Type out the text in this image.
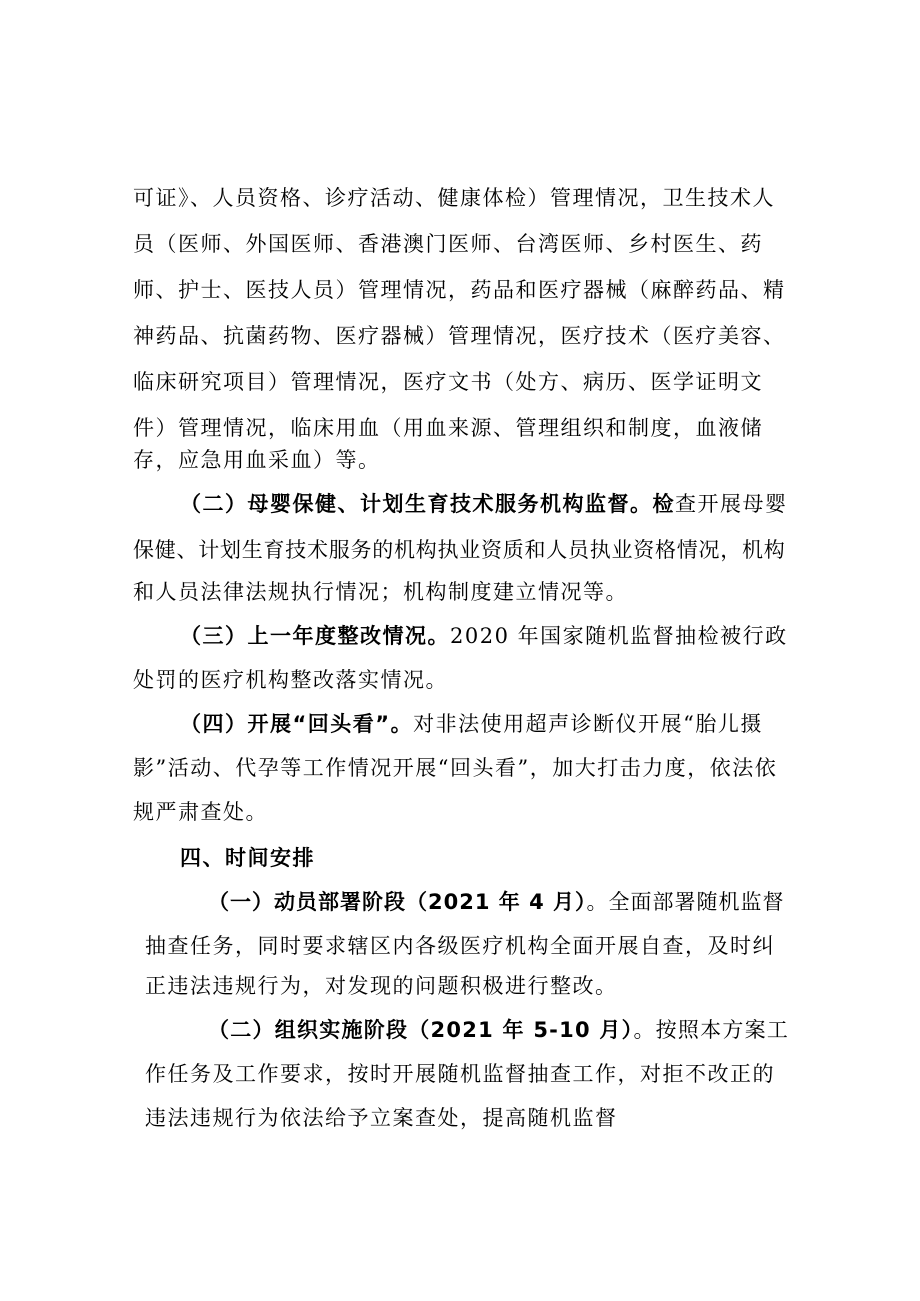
可证》、人员资格、诊疗活动、健康体检）管理情况，卫生技术人
员（医师、外国医师、香港澳门医师、台湾医师、乡村医生、药
师、护士、医技人员）管理情况，药品和医疗器械（麻醉药品、精
神药品、抗菌药物、医疗器械）管理情况，医疗技术（医疗美容、
临床研究项目）管理情况，医疗文书（处方、病历、医学证明文
件）管理情况，临床用血（用血来源、管理组织和制度，血液储
存，应急用血采血）等。
（二）母婴保健、计划生育技术服务机构监督。检查开展母婴
保健、计划生育技术服务的机构执业资质和人员执业资格情况，机构
和人员法律法规执行情况；机构制度建立情况等。
（三）上一年度整改情况。2020 年国家随机监督抽检被行政
处罚的医疗机构整改落实情况。
（四）开展“回头看”。对非法使用超声诊断仪开展“胎儿摄
影”活动、代孕等工作情况开展“回头看”，加大打击力度，依法依
规严肃查处。
四、时间安排
（一）动员部署阶段（2021 年 4 月）。全面部署随机监督
抽查任务，同时要求辖区内各级医疗机构全面开展自查，及时纠
正违法违规行为，对发现的问题积极进行整改。
（二）组织实施阶段（2021 年 5-10 月）。按照本方案工
作任务及工作要求，按时开展随机监督抽查工作，对拒不改正的
违法违规行为依法给予立案查处，提高随机监督
